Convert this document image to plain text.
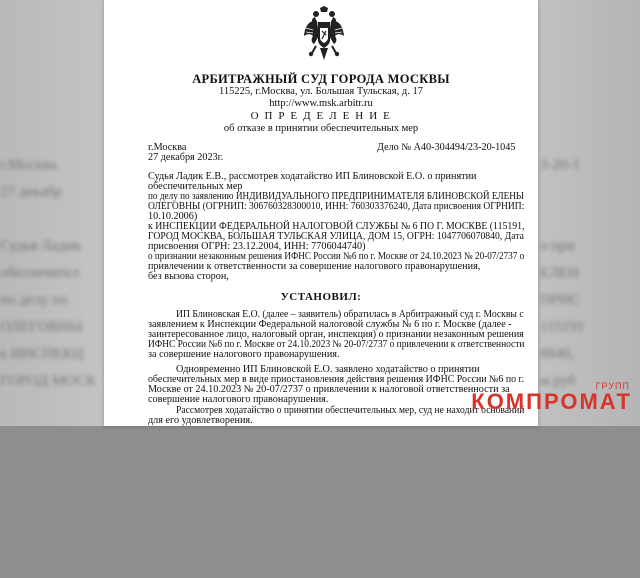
г.Москва
27 декабр
Судья Ладик
обеспечител
по делу по
ОЛЕГОВНЫ
к ИНСПЕКЦ
ГОРОД МОСК
3-20-1
о при
ЕЛЕН
ПРИС
115191
8840,
м руб
АРБИТРАЖНЫЙ СУД ГОРОДА МОСКВЫ
115225, г.Москва, ул. Большая Тульская, д. 17
http://www.msk.arbitr.ru
О П Р Е Д Е Л Е Н И Е
об отказе в принятии обеспечительных мер
г.Москва
27 декабря 2023г.
Дело № А40-304494/23-20-1045
Судья Ладик Е.В., рассмотрев ходатайство ИП Блиновской Е.О. о принятии
обеспечительных мер
по делу по заявлению ИНДИВИДУАЛЬНОГО ПРЕДПРИНИМАТЕЛЯ БЛИНОВСКОЙ ЕЛЕНЫ
ОЛЕГОВНЫ (ОГРНИП: 306760328300010, ИНН: 760303376240, Дата присвоения ОГРНИП:
10.10.2006)
к ИНСПЕКЦИИ ФЕДЕРАЛЬНОЙ НАЛОГОВОЙ СЛУЖБЫ № 6 ПО Г. МОСКВЕ (115191,
ГОРОД МОСКВА, БОЛЬШАЯ ТУЛЬСКАЯ УЛИЦА, ДОМ 15, ОГРН: 1047706070840, Дата
присвоения ОГРН: 23.12.2004, ИНН: 7706044740)
о признании незаконным решения ИФНС России №6 по г. Москве от 24.10.2023 № 20-07/2737 о
привлечении к ответственности за совершение налогового правонарушения,
без вызова сторон,
УСТАНОВИЛ:
ИП Блиновская Е.О. (далее – заявитель) обратилась в Арбитражный суд г. Москвы с
заявлением к Инспекции Федеральной налоговой службы № 6 по г. Москве (далее -
заинтересованное лицо, налоговый орган, инспекция) о признании незаконным решения
ИФНС России №6 по г. Москве от 24.10.2023 № 20-07/2737 о привлечении к ответственности
за совершение налогового правонарушения.
Одновременно ИП Блиновской Е.О. заявлено ходатайство о принятии
обеспечительных мер в виде приостановления действия решения ИФНС России №6 по г.
Москве от 24.10.2023 № 20-07/2737 о привлечении к налоговой ответственности за
совершение налогового правонарушения.
Рассмотрев ходатайство о принятии обеспечительных мер, суд не находит оснований
для его удовлетворения.
ГРУПП
КОМПРОМАТ
